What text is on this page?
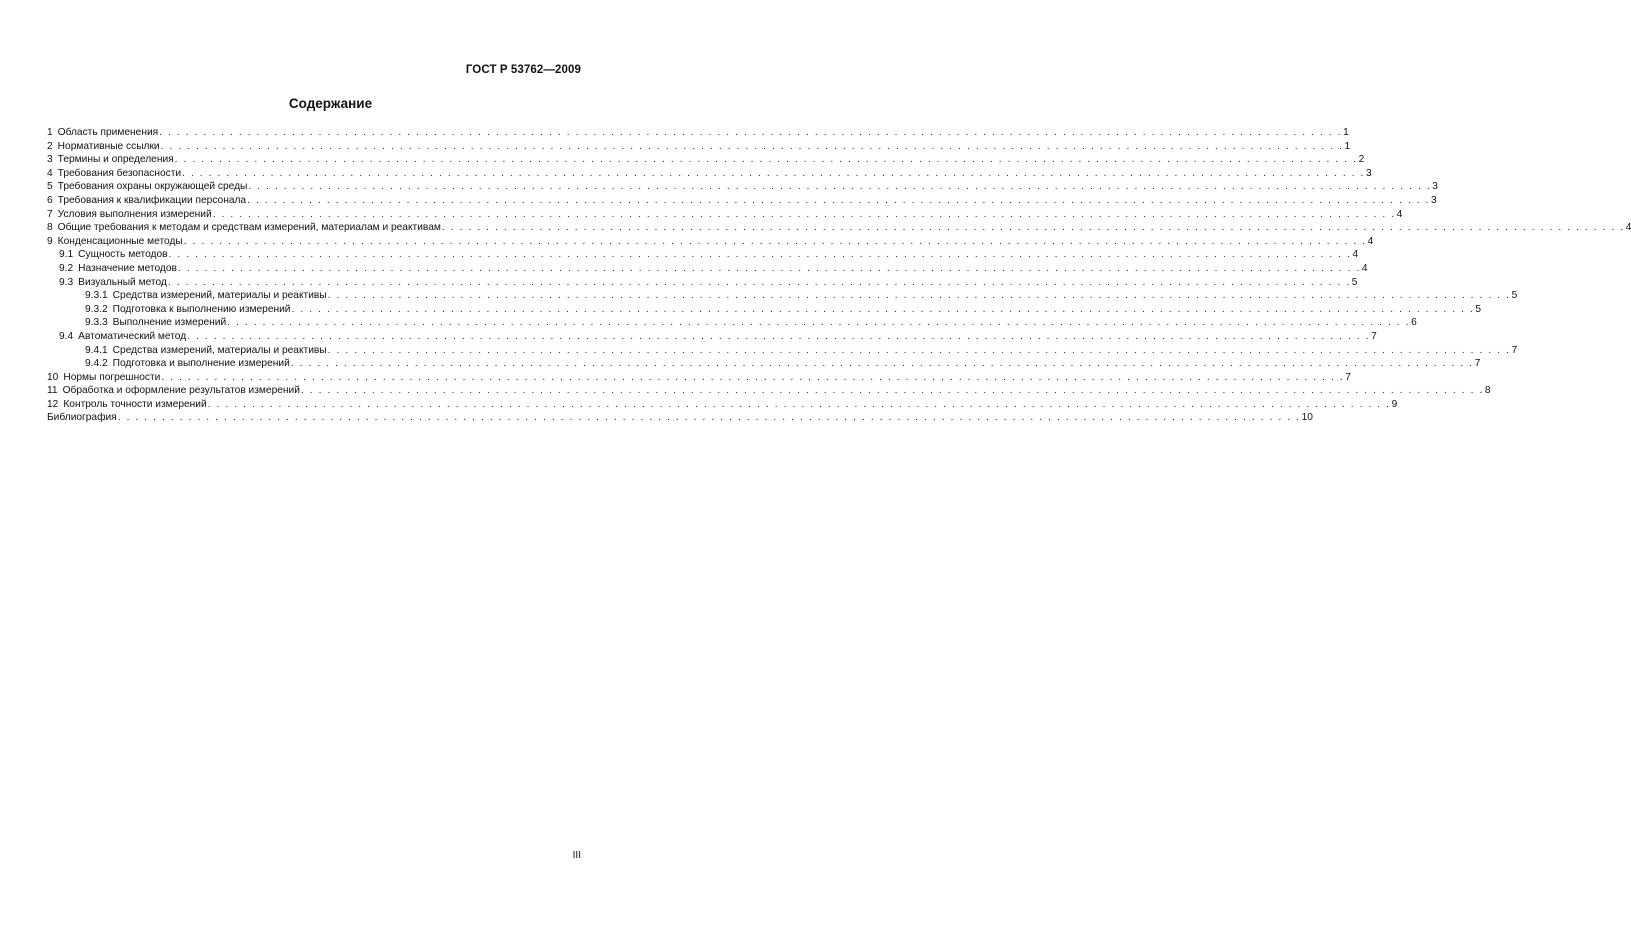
ГОСТ Р 53762—2009
Содержание
1 Область применения . . .	1
2 Нормативные ссылки . . .	1
3 Термины и определения . . .	2
4 Требования безопасности . . .	3
5 Требования охраны окружающей среды . . .	3
6 Требования к квалификации персонала . . .	3
7 Условия выполнения измерений . . .	4
8 Общие требования к методам и средствам измерений, материалам и реактивам . . .	4
9 Конденсационные методы . . .	4
9.1 Сущность методов . . .	4
9.2 Назначение методов . . .	4
9.3 Визуальный метод . . .	5
9.3.1 Средства измерений, материалы и реактивы . . .	5
9.3.2 Подготовка к выполнению измерений . . .	5
9.3.3 Выполнение измерений . . .	6
9.4 Автоматический метод . . .	7
9.4.1 Средства измерений, материалы и реактивы . . .	7
9.4.2 Подготовка и выполнение измерений . . .	7
10 Нормы погрешности . . .	7
11 Обработка и оформление результатов измерений . . .	8
12 Контроль точности измерений . . .	9
Библиография . . .	10
III
